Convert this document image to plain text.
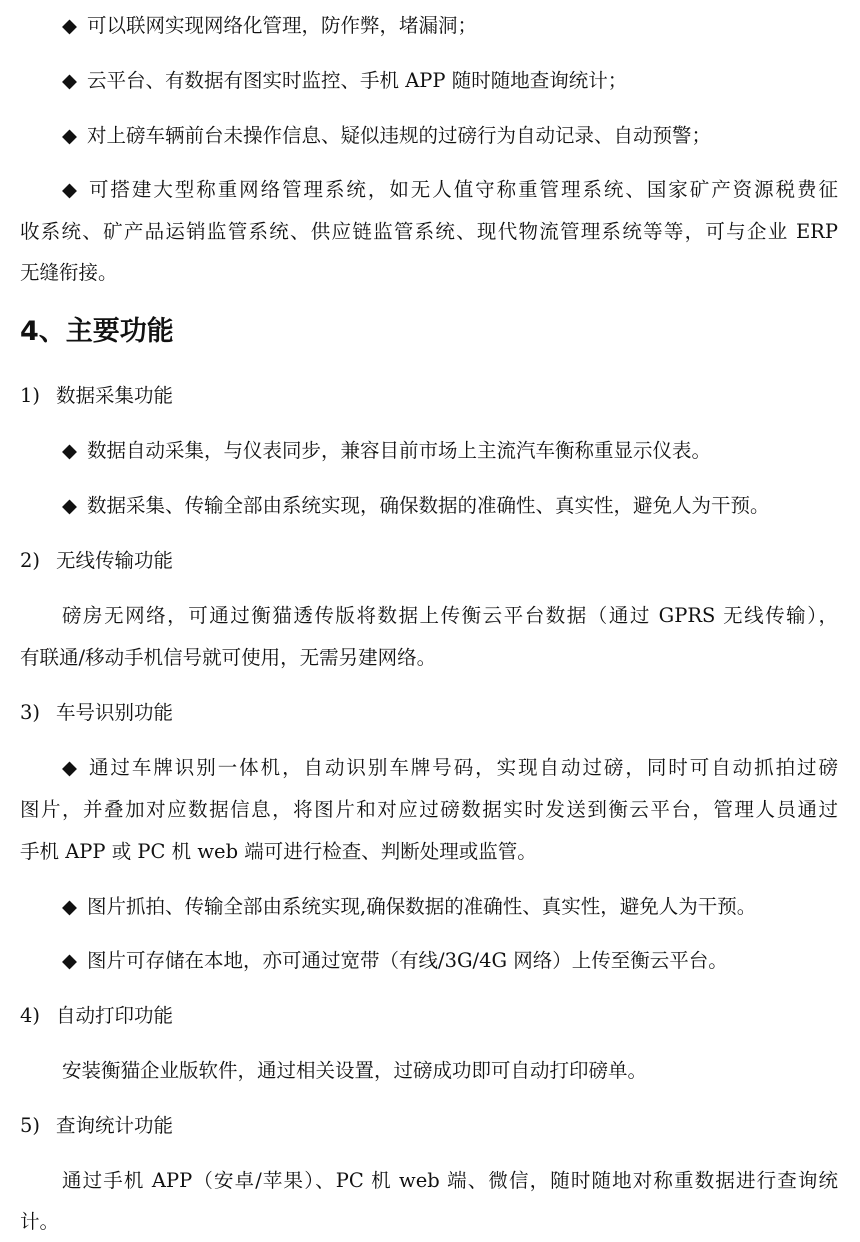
◆ 可以联网实现网络化管理，防作弊，堵漏洞；

◆ 云平台、有数据有图实时监控、手机 APP 随时随地查询统计；

◆ 对上磅车辆前台未操作信息、疑似违规的过磅行为自动记录、自动预警；

◆ 可搭建大型称重网络管理系统，如无人值守称重管理系统、国家矿产资源税费征

收系统、矿产品运销监管系统、供应链监管系统、现代物流管理系统等等，可与企业 ERP

无缝衔接。

4、主要功能

1) 数据采集功能

◆ 数据自动采集，与仪表同步，兼容目前市场上主流汽车衡称重显示仪表。

◆ 数据采集、传输全部由系统实现，确保数据的准确性、真实性，避免人为干预。

2) 无线传输功能

磅房无网络，可通过衡猫透传版将数据上传衡云平台数据（通过 GPRS 无线传输），

有联通/移动手机信号就可使用，无需另建网络。

3) 车号识别功能

◆ 通过车牌识别一体机，自动识别车牌号码，实现自动过磅，同时可自动抓拍过磅

图片，并叠加对应数据信息，将图片和对应过磅数据实时发送到衡云平台，管理人员通过

手机 APP 或 PC 机 web 端可进行检查、判断处理或监管。

◆ 图片抓拍、传输全部由系统实现,确保数据的准确性、真实性，避免人为干预。

◆ 图片可存储在本地，亦可通过宽带（有线/3G/4G 网络）上传至衡云平台。

4) 自动打印功能

安装衡猫企业版软件，通过相关设置，过磅成功即可自动打印磅单。

5) 查询统计功能

通过手机 APP（安卓/苹果）、PC 机 web 端、微信，随时随地对称重数据进行查询统

计。
